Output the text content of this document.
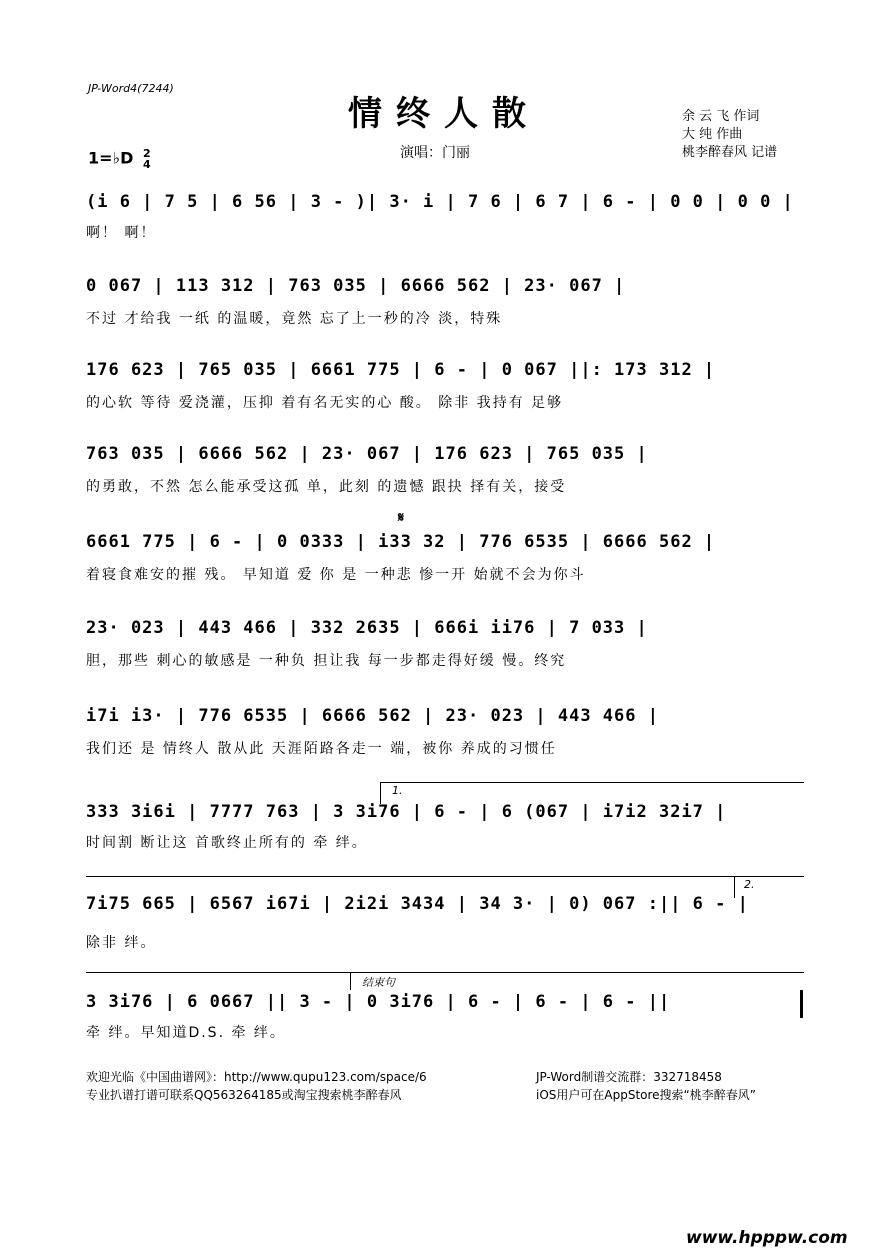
JP-Word4(7244)
情终人散
1=♭D 2
4
演唱：门丽
余 云 飞 作词
大 纯 作曲
桃李醉春风 记谱
(i 6 | 7 5 | 6 56 | 3 - )| 3· i | 7 6 | 6 7 | 6 - | 0 0 | 0 0 |
啊！ 啊！
0 067 | 113 312 | 763 035 | 6666 562 | 23· 067 |
不过 才给我 一纸 的温暖，竟然 忘了上一秒的冷 淡，特殊
176 623 | 765 035 | 6661 775 | 6 - | 0 067 ||: 173 312 |
的心软 等待 爱浇灌，压抑 着有名无实的心 酸。 除非 我持有 足够
763 035 | 6666 562 | 23· 067 | 176 623 | 765 035 |
的勇敢，不然 怎么能承受这孤 单，此刻 的遗憾 跟抉 择有关，接受
𝄋
6661 775 | 6 - | 0 0333 | i33 32 | 776 6535 | 6666 562 |
着寝食难安的摧 残。 早知道 爱 你 是 一种悲 惨一开 始就不会为你斗
23· 023 | 443 466 | 332 2635 | 666i ii76 | 7 033 |
胆，那些 刺心的敏感是 一种负 担让我 每一步都走得好缓 慢。终究
i7i i3· | 776 6535 | 6666 562 | 23· 023 | 443 466 |
我们还 是 情终人 散从此 天涯陌路各走一 端，被你 养成的习惯任
1.
333 3i6i | 7777 763 | 3 3i76 | 6 - | 6 (067 | i7i2 32i7 |
时间割 断让这 首歌终止所有的 牵 绊。
2.
7i75 665 | 6567 i67i | 2i2i 3434 | 34 3· | 0) 067 :|| 6 - |
除非 绊。
结束句
3 3i76 | 6 0667 || 3 - | 0 3i76 | 6 - | 6 - | 6 - ||
牵 绊。早知道D.S. 牵 绊。
欢迎光临《中国曲谱网》：http://www.qupu123.com/space/6
专业扒谱打谱可联系QQ563264185或淘宝搜索桃李醉春风
JP-Word制谱交流群：332718458
iOS用户可在AppStore搜索“桃李醉春风”
www.hpppw.com
